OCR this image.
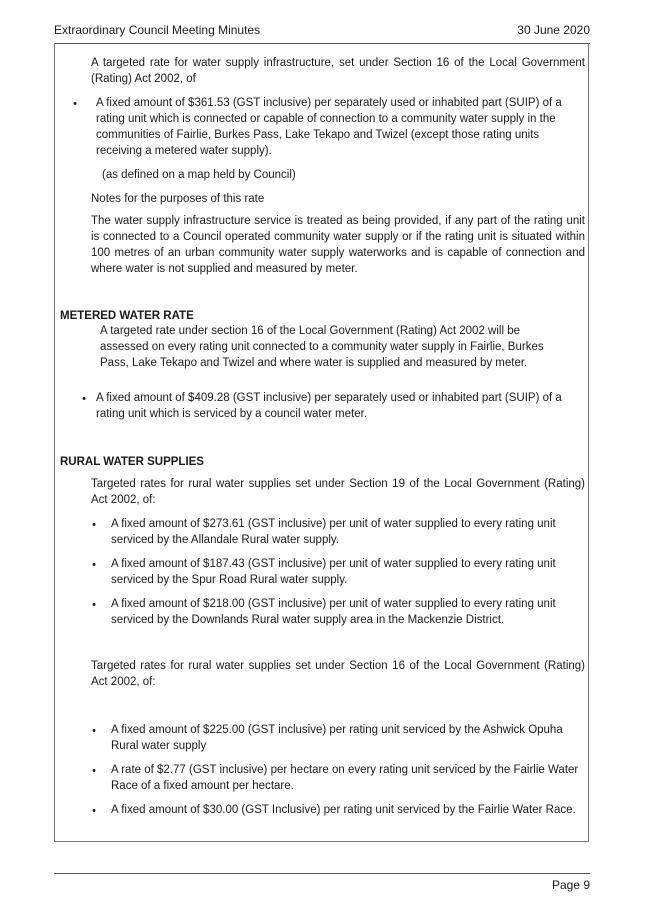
Extraordinary Council Meeting Minutes	30 June 2020

A targeted rate for water supply infrastructure, set under Section 16 of the Local Government (Rating) Act 2002, of

• A fixed amount of $361.53 (GST inclusive) per separately used or inhabited part (SUIP) of a rating unit which is connected or capable of connection to a community water supply in the communities of Fairlie, Burkes Pass, Lake Tekapo and Twizel (except those rating units receiving a metered water supply).

(as defined on a map held by Council)

Notes for the purposes of this rate

The water supply infrastructure service is treated as being provided, if any part of the rating unit is connected to a Council operated community water supply or if the rating unit is situated within 100 metres of an urban community water supply waterworks and is capable of connection and where water is not supplied and measured by meter.

METERED WATER RATE

A targeted rate under section 16 of the Local Government (Rating) Act 2002 will be assessed on every rating unit connected to a community water supply in Fairlie, Burkes Pass, Lake Tekapo and Twizel and where water is supplied and measured by meter.

• A fixed amount of $409.28 (GST inclusive) per separately used or inhabited part (SUIP) of a rating unit which is serviced by a council water meter.

RURAL WATER SUPPLIES

Targeted rates for rural water supplies set under Section 19 of the Local Government (Rating) Act 2002, of:

• A fixed amount of $273.61 (GST inclusive) per unit of water supplied to every rating unit serviced by the Allandale Rural water supply.

• A fixed amount of $187.43 (GST inclusive) per unit of water supplied to every rating unit serviced by the Spur Road Rural water supply.

• A fixed amount of $218.00 (GST inclusive) per unit of water supplied to every rating unit serviced by the Downlands Rural water supply area in the Mackenzie District.

Targeted rates for rural water supplies set under Section 16 of the Local Government (Rating) Act 2002, of:

• A fixed amount of $225.00 (GST inclusive) per rating unit serviced by the Ashwick Opuha Rural water supply

• A rate of $2.77 (GST inclusive) per hectare on every rating unit serviced by the Fairlie Water Race of a fixed amount per hectare.

• A fixed amount of $30.00 (GST Inclusive) per rating unit serviced by the Fairlie Water Race.

Page 9
